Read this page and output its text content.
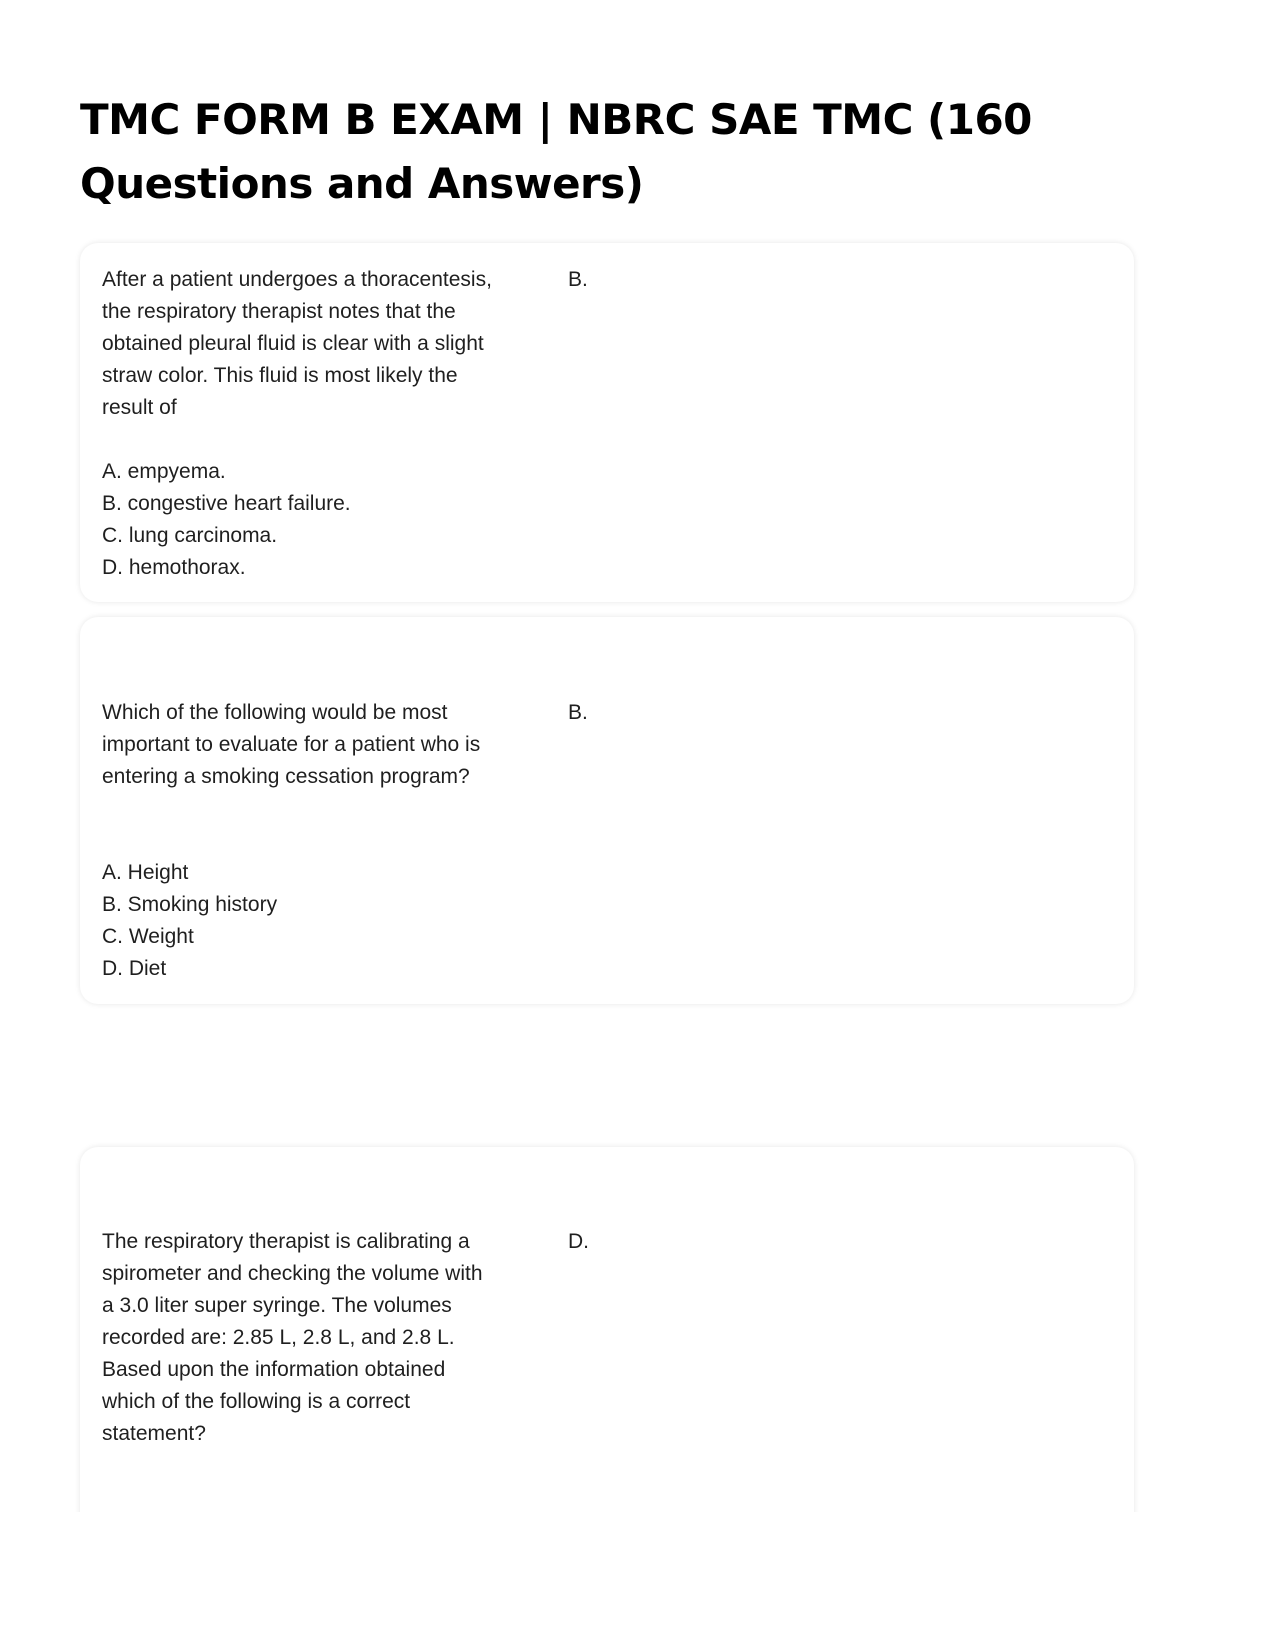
TMC FORM B EXAM | NBRC SAE TMC (160
Questions and Answers)
After a patient undergoes a thoracentesis,
the respiratory therapist notes that the
obtained pleural fluid is clear with a slight
straw color. This fluid is most likely the
result of
A. empyema.
B. congestive heart failure.
C. lung carcinoma.
D. hemothorax.
B.
Which of the following would be most
important to evaluate for a patient who is
entering a smoking cessation program?
A. Height
B. Smoking history
C. Weight
D. Diet
B.
The respiratory therapist is calibrating a
spirometer and checking the volume with
a 3.0 liter super syringe. The volumes
recorded are: 2.85 L, 2.8 L, and 2.8 L.
Based upon the information obtained
which of the following is a correct
statement?
D.
